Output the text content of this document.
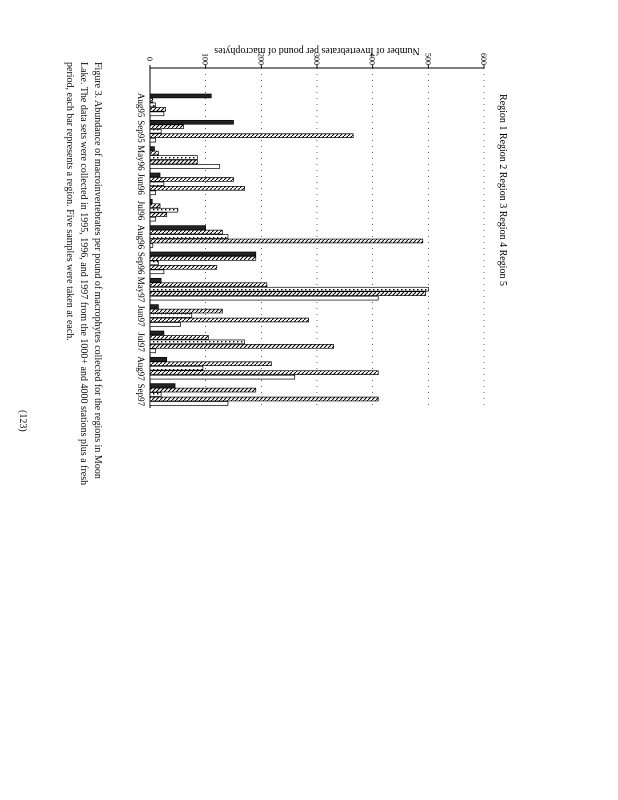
Number of Invertebrates per pound of macrophytes
0	100	200	300	400	500	600
Aug95
Sep95
May96
Jun96
Jul96
Aug96
Sep96
May97
Jun97
Jul97
Aug97
Sep97
Region 1 Region 2 Region 3 Region 4 Region 5
Figure 3. Abundance of macroinvertebrates per pound of macrophytes collected for the regions in Moon
Lake. The data sets were collected in 1995, 1996, and 1997 from the 1000+ and 4000 stations plus a fresh
period, each bar represents a region. Five samples were taken at each.
(123)
